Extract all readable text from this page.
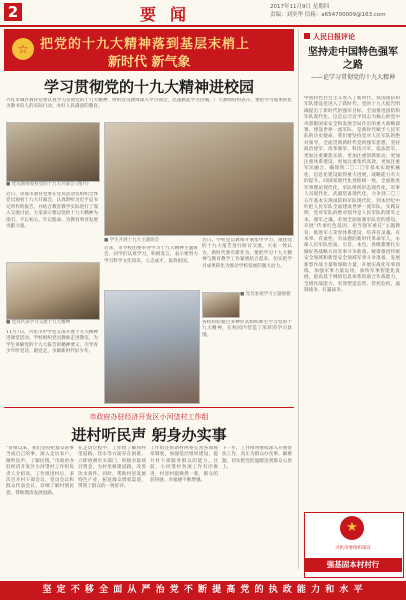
2	要闻	2017年11月9日 星期四
责编：刘奕华 信箱：a654700009@163.com
☆ 把党的十九大精神落到基层末梢上
新时代 新气象
学习贯彻党的十九大精神进校园
兴化市城区教育党委认真学习贯彻党的十九大精神，组织党员教师深入学习领会，迅速掀起学习热潮。广大教师纷纷表示，要把学习成果转化为教书育人的实际行动，办好人民满意的教育。
■ 党员教师观看党的十九大开幕会 (图片)
近日，荣成市教育党委在党员活动室组织全体党员观看十九大开幕会，认真聆听习近平总书记所作的报告，并结合教育教学实际进行了深入交流讨论。大家表示要以党的十九大精神为指引，不忘初心，牢记使命，为教育事业发展贡献力量。
■ 党员代表学习交流十九大精神
11月7日，兴化市中学党支部开展十九大精神进课堂活动。学校组织党员教师走进教室，为学生讲解党的十九大报告的精神要义，引导青少年听党话、跟党走，争做新时代好少年。
■ 学生开展十九大主题班会
近来，市学校团委举办学习十九大精神主题班会，同学们认真学习，积极发言，表示要努力学习科学文化知识，立志成才，报效祖国。
近日，学校党员教师开展集中学习，围绕党的十九大报告进行研讨交流。大家一致认为，新时代要有新作为，要把学习十九大精神与教育教学工作紧密结合起来，切实把学习成果转化为推动学校发展的强大动力。
■ 党员参观学习主题展板
各校纷纷通过多种形式组织师生学习党的十九大精神，在校园内营造了浓厚的学习氛围。
市政府办驻经济开发区小河垡村工作组
进村听民声 躬身办实事
“驻组以来，我们坚持把群众的事当成自己的事，深入走访农户，倾听民声，了解民情。”市政府办驻经济开发区小河垡村工作组负责人介绍说。工作组进村后，多次召开村干部会议、党员会议和群众代表会议，详细了解村情民意，帮助理清发展思路。
在走访过程中，工作组了解到村里道路、饮水等方面存在困难，立即协调有关部门，积极争取项目资金，为村里修建道路、改善饮水条件。同时，帮助村里发展特色产业，拓宽群众增收渠道，得到了群众的一致好评。
工作组还帮助村两委完善各项规章制度，加强基层组织建设，提升村干部服务群众的能力。目前，小河垡村各项工作有序推进，村容村貌焕然一新，群众的获得感、幸福感不断增强。
下一步，工作组将继续深入开展帮扶工作，真正为群众办实事、解难题，切实把党的温暖送到群众心坎上。
人民日报评论
坚持走中国特色强军之路
——论学习贯彻党的十九大精神
中国特色社会主义进入了新时代，我国国防和军队建设也进入了新时代。党的十九大报告明确提出了新时代的强军目标，全面推进国防和军队现代化。这是以习近平同志为核心的党中央着眼国家安全和发展全局作出的重大战略部署。建设世界一流军队，是新时代赋予人民军队的历史使命。我们要坚持党对人民军队的绝对领导，全面贯彻新时代党的强军思想，坚持政治建军、改革强军、科技兴军、依法治军，更加注重聚焦实战，更加注重创新驱动，更加注重体系建设，更加注重集约高效，更加注重军民融合，确保到二〇二〇年基本实现机械化，信息化建设取得重大进展，战略能力有大的提升。同国家现代化进程相一致，全面推进军事理论现代化、军队组织形态现代化、军事人员现代化、武器装备现代化，力争到二〇三五年基本实现国防和军队现代化，到本世纪中叶把人民军队全面建成世界一流军队。实践证明，党对军队的绝对领导是人民军队的建军之本、强军之魂。必须全面加强军队党的建设，开展“传承红色基因、担当强军重任”主题教育，推进军人荣誉体系建设，培养有灵魂、有本事、有血性、有品德的新时代革命军人，永葆人民军队性质、宗旨、本色。各级都要扎实做好各战略方向军事斗争准备，统筹推进传统安全领域和新型安全领域军事斗争准备，发展新型作战力量和保障力量，开展实战化军事训练，加强军事力量运用，加快军事智能化发展，提高基于网络信息体系的联合作战能力、全域作战能力，有效塑造态势、管控危机、遏制战争、打赢战争。
★
兴化市委组织部宣
强基固本村村行
坚 定 不 移 全 面 从 严 治 党 不 断 提 高 党 的 执 政 能 力 和 水 平
